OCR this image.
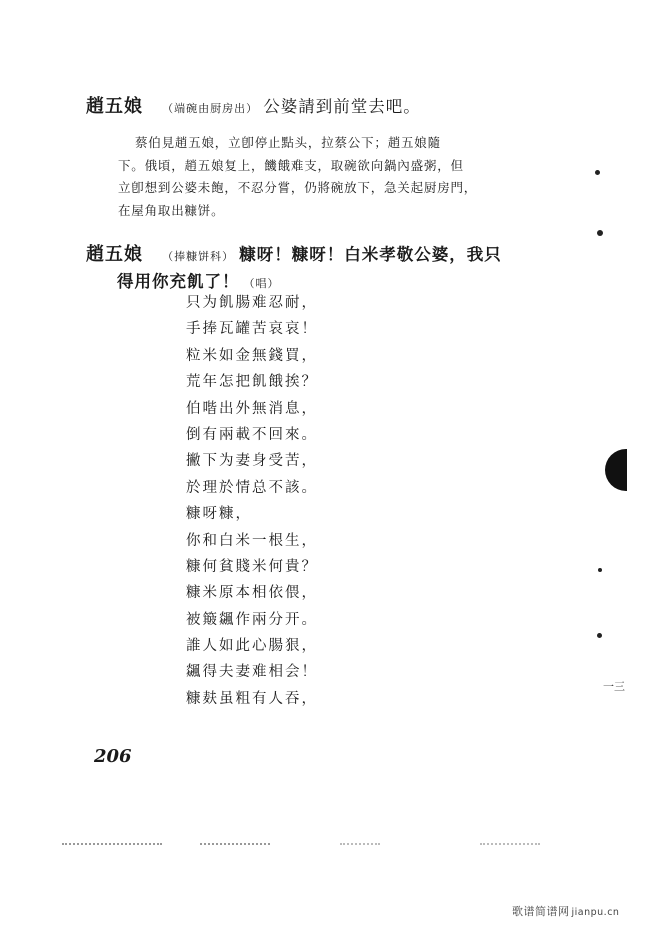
趙五娘 （端碗由厨房出） 公婆請到前堂去吧。
蔡伯見趙五娘，立卽停止點头，拉蔡公下；趙五娘隨
下。俄頃，趙五娘复上，饑餓难支，取碗欲向鍋內盛粥，但
立卽想到公婆未飽，不忍分嘗，仍將碗放下，急关起厨房門，
在屋角取出糠饼。
趙五娘 （捧糠饼科） 糠呀！糠呀！白米孝敬公婆，我只
得用你充飢了！ （唱）
只为飢腸难忍耐，
手捧瓦罐苦哀哀！
粒米如金無錢買，
荒年怎把飢餓挨？
伯喈出外無消息，
倒有兩載不回來。
撇下为妻身受苦，
於理於情总不該。
糠呀糠，
你和白米一根生，
糠何貧賤米何貴？
糠米原本相依偎，
被簸飊作兩分开。
誰人如此心腸狠，
飊得夫妻难相会！
糠麸虽粗有人吞，
206
一三
歌谱简谱网 jianpu.cn
